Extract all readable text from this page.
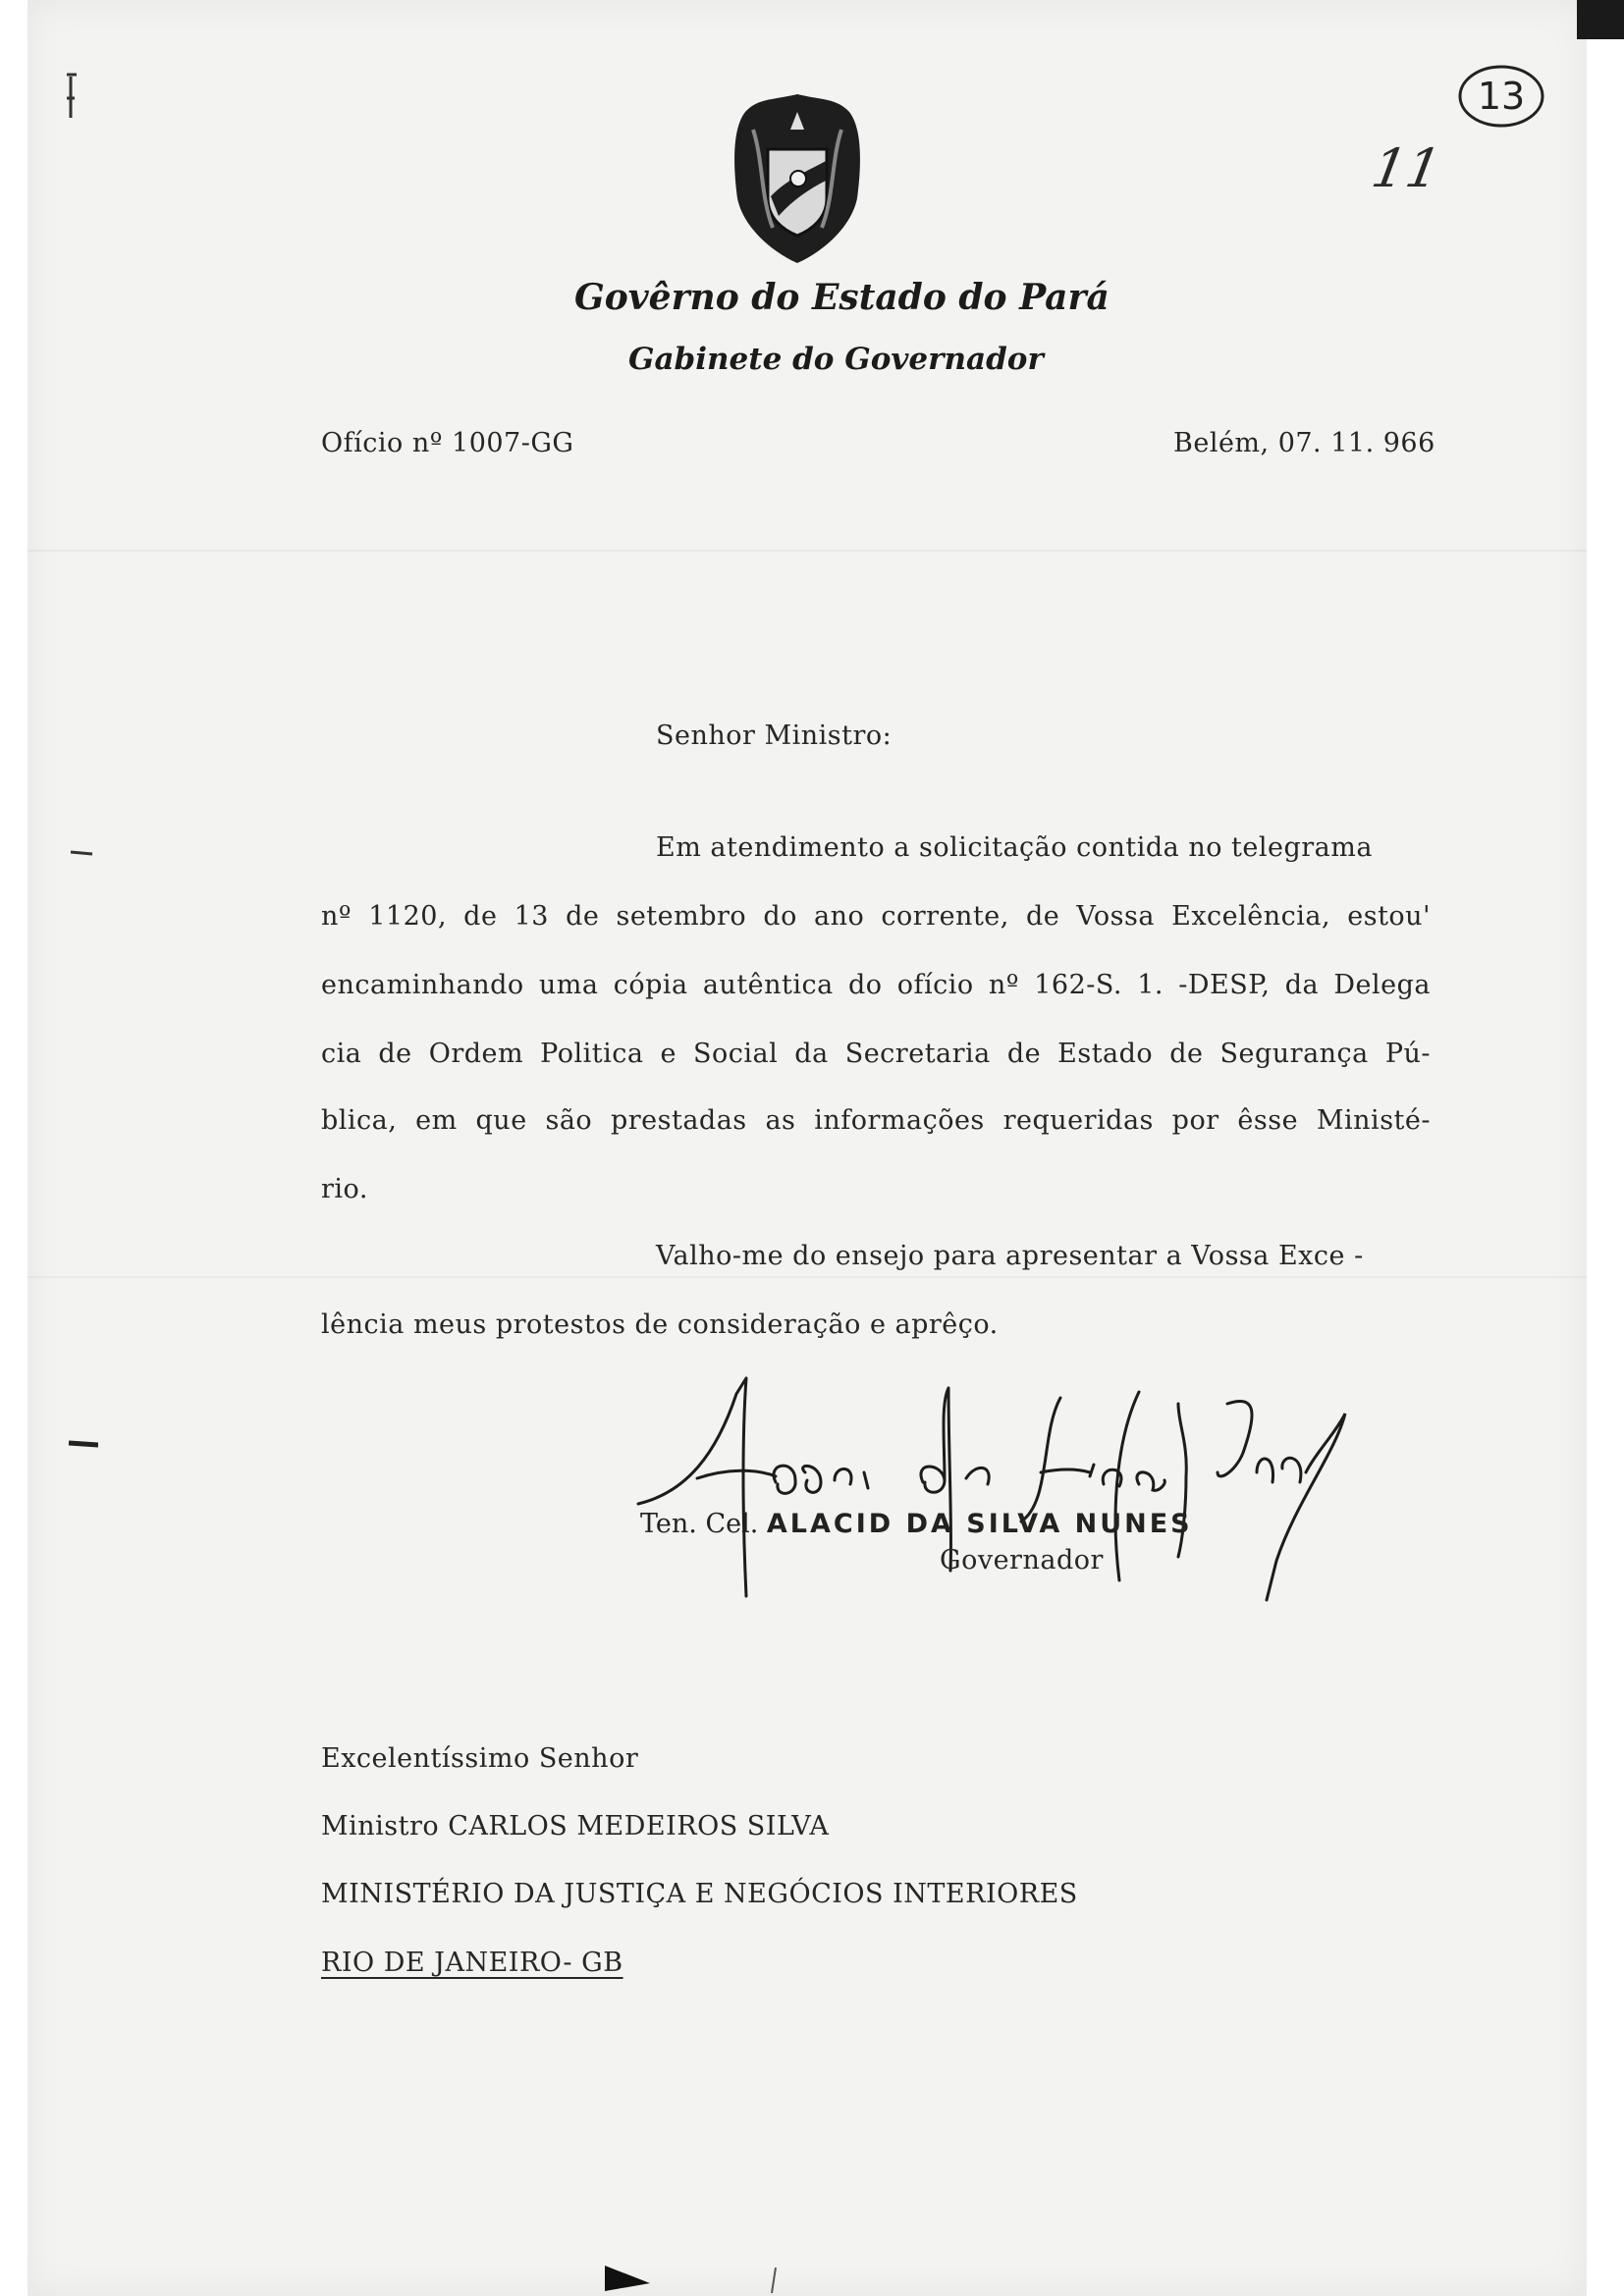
13
11
Govêrno do Estado do Pará
Gabinete do Governador
Ofício nº 1007-GG	Belém, 07. 11. 966
Senhor Ministro:
Em atendimento a solicitação contida no telegrama
nº 1120, de 13 de setembro do ano corrente, de Vossa Excelência, estou'
encaminhando uma cópia autêntica do ofício nº 162-S. 1. -DESP, da Delega
cia de Ordem Politica e Social da Secretaria de Estado de Segurança Pú-
blica, em que são prestadas as informações requeridas por êsse Ministé-
rio.
Valho-me do ensejo para apresentar a Vossa Exce -
lência meus protestos de consideração e aprêço.
Ten. Cel. ALACID DA SILVA NUNES
Governador
Excelentíssimo Senhor
Ministro CARLOS MEDEIROS SILVA
MINISTÉRIO DA JUSTIÇA E NEGÓCIOS INTERIORES
RIO DE JANEIRO- GB
